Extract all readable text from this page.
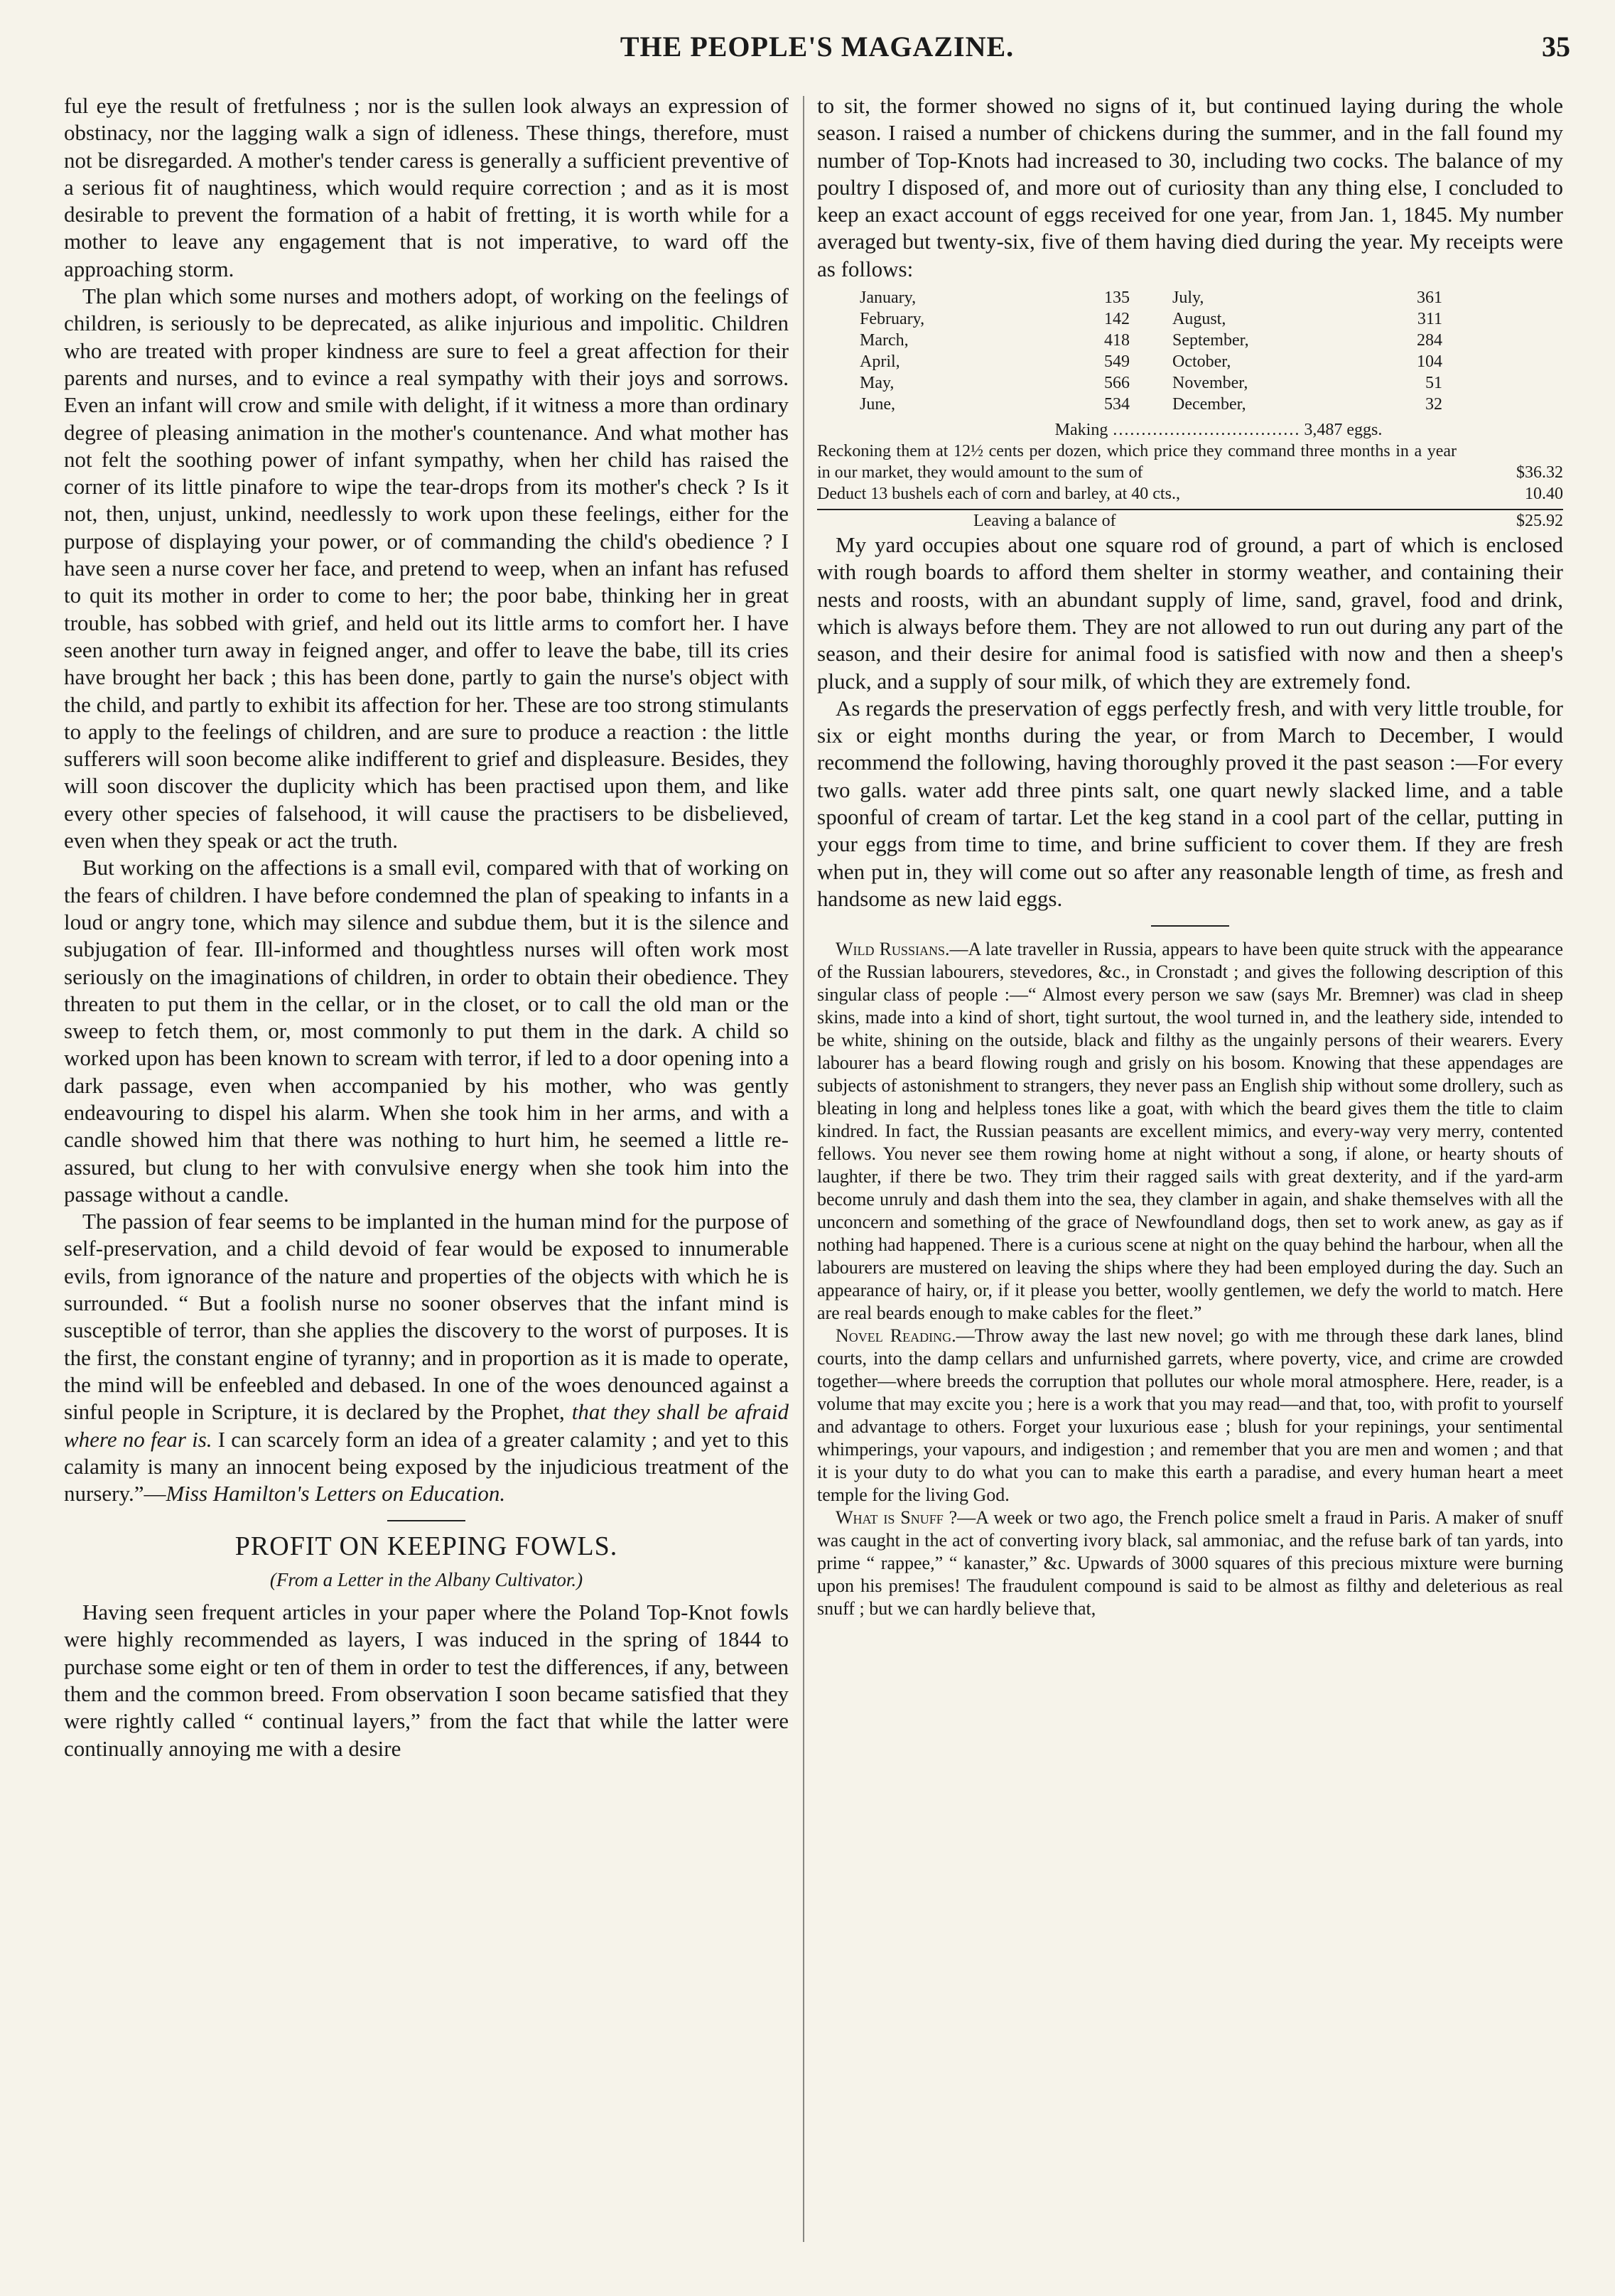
THE PEOPLE'S MAGAZINE.	35

ful eye the result of fretfulness ; nor is the sullen look always an expression of obstinacy, nor the lagging walk a sign of idleness. These things, therefore, must not be disregarded. A mother's tender caress is generally a sufficient preventive of a serious fit of naughtiness, which would require correction ; and as it is most desirable to prevent the formation of a habit of fretting, it is worth while for a mother to leave any engagement that is not imperative, to ward off the approaching storm.

The plan which some nurses and mothers adopt, of working on the feelings of children, is seriously to be deprecated, as alike injurious and impolitic. Children who are treated with proper kindness are sure to feel a great affection for their parents and nurses, and to evince a real sympathy with their joys and sorrows. Even an infant will crow and smile with delight, if it witness a more than ordinary degree of pleasing animation in the mother's countenance. And what mother has not felt the soothing power of infant sympathy, when her child has raised the corner of its little pinafore to wipe the tear-drops from its mother's check ? Is it not, then, unjust, unkind, needlessly to work upon these feelings, either for the purpose of displaying your power, or of commanding the child's obedience ? I have seen a nurse cover her face, and pretend to weep, when an infant has refused to quit its mother in order to come to her; the poor babe, thinking her in great trouble, has sobbed with grief, and held out its little arms to comfort her. I have seen another turn away in feigned anger, and offer to leave the babe, till its cries have brought her back ; this has been done, partly to gain the nurse's object with the child, and partly to exhibit its affection for her. These are too strong stimulants to apply to the feelings of children, and are sure to produce a reaction : the little sufferers will soon become alike indifferent to grief and displeasure. Besides, they will soon discover the duplicity which has been practised upon them, and like every other species of falsehood, it will cause the practisers to be disbelieved, even when they speak or act the truth.

But working on the affections is a small evil, compared with that of working on the fears of children. I have before condemned the plan of speaking to infants in a loud or angry tone, which may silence and subdue them, but it is the silence and subjugation of fear. Ill-informed and thoughtless nurses will often work most seriously on the imaginations of children, in order to obtain their obedience. They threaten to put them in the cellar, or in the closet, or to call the old man or the sweep to fetch them, or, most commonly to put them in the dark. A child so worked upon has been known to scream with terror, if led to a door opening into a dark passage, even when accompanied by his mother, who was gently endeavouring to dispel his alarm. When she took him in her arms, and with a candle showed him that there was nothing to hurt him, he seemed a little re-assured, but clung to her with convulsive energy when she took him into the passage without a candle.

The passion of fear seems to be implanted in the human mind for the purpose of self-preservation, and a child devoid of fear would be exposed to innumerable evils, from ignorance of the nature and properties of the objects with which he is surrounded. “ But a foolish nurse no sooner observes that the infant mind is susceptible of terror, than she applies the discovery to the worst of purposes. It is the first, the constant engine of tyranny; and in proportion as it is made to operate, the mind will be enfeebled and debased. In one of the woes denounced against a sinful people in Scripture, it is declared by the Prophet, that they shall be afraid where no fear is. I can scarcely form an idea of a greater calamity ; and yet to this calamity is many an innocent being exposed by the injudicious treatment of the nursery.”—Miss Hamilton's Letters on Education.

PROFIT ON KEEPING FOWLS.
(From a Letter in the Albany Cultivator.)

Having seen frequent articles in your paper where the Poland Top-Knot fowls were highly recommended as layers, I was induced in the spring of 1844 to purchase some eight or ten of them in order to test the differences, if any, between them and the common breed. From observation I soon became satisfied that they were rightly called “ continual layers,” from the fact that while the latter were continually annoying me with a desire

to sit, the former showed no signs of it, but continued laying during the whole season. I raised a number of chickens during the summer, and in the fall found my number of Top-Knots had increased to 30, including two cocks. The balance of my poultry I disposed of, and more out of curiosity than any thing else, I concluded to keep an exact account of eggs received for one year, from Jan. 1, 1845. My number averaged but twenty-six, five of them having died during the year. My receipts were as follows:

January,	135	July,	361
February,	142	August,	311
March,	418	September,	284
April,	549	October,	104
May,	566	November,	51
June,	534	December,	32
Making …………………………… 3,487 eggs.
Reckoning them at 12½ cents per dozen, which price they command three months in a year in our market, they would amount to the sum of	$36.32
Deduct 13 bushels each of corn and barley, at 40 cts.,	10.40
Leaving a balance of	$25.92

My yard occupies about one square rod of ground, a part of which is enclosed with rough boards to afford them shelter in stormy weather, and containing their nests and roosts, with an abundant supply of lime, sand, gravel, food and drink, which is always before them. They are not allowed to run out during any part of the season, and their desire for animal food is satisfied with now and then a sheep's pluck, and a supply of sour milk, of which they are extremely fond.

As regards the preservation of eggs perfectly fresh, and with very little trouble, for six or eight months during the year, or from March to December, I would recommend the following, having thoroughly proved it the past season :—For every two galls. water add three pints salt, one quart newly slacked lime, and a table spoonful of cream of tartar. Let the keg stand in a cool part of the cellar, putting in your eggs from time to time, and brine sufficient to cover them. If they are fresh when put in, they will come out so after any reasonable length of time, as fresh and handsome as new laid eggs.

Wild Russians.—A late traveller in Russia, appears to have been quite struck with the appearance of the Russian labourers, stevedores, &c., in Cronstadt ; and gives the following description of this singular class of people :—“ Almost every person we saw (says Mr. Bremner) was clad in sheep skins, made into a kind of short, tight surtout, the wool turned in, and the leathery side, intended to be white, shining on the outside, black and filthy as the ungainly persons of their wearers. Every labourer has a beard flowing rough and grisly on his bosom. Knowing that these appendages are subjects of astonishment to strangers, they never pass an English ship without some drollery, such as bleating in long and helpless tones like a goat, with which the beard gives them the title to claim kindred. In fact, the Russian peasants are excellent mimics, and every-way very merry, contented fellows. You never see them rowing home at night without a song, if alone, or hearty shouts of laughter, if there be two. They trim their ragged sails with great dexterity, and if the yard-arm become unruly and dash them into the sea, they clamber in again, and shake themselves with all the unconcern and something of the grace of Newfoundland dogs, then set to work anew, as gay as if nothing had happened. There is a curious scene at night on the quay behind the harbour, when all the labourers are mustered on leaving the ships where they had been employed during the day. Such an appearance of hairy, or, if it please you better, woolly gentlemen, we defy the world to match. Here are real beards enough to make cables for the fleet.”

Novel Reading.—Throw away the last new novel; go with me through these dark lanes, blind courts, into the damp cellars and unfurnished garrets, where poverty, vice, and crime are crowded together—where breeds the corruption that pollutes our whole moral atmosphere. Here, reader, is a volume that may excite you ; here is a work that you may read—and that, too, with profit to yourself and advantage to others. Forget your luxurious ease ; blush for your repinings, your sentimental whimperings, your vapours, and indigestion ; and remember that you are men and women ; and that it is your duty to do what you can to make this earth a paradise, and every human heart a meet temple for the living God.

What is Snuff ?—A week or two ago, the French police smelt a fraud in Paris. A maker of snuff was caught in the act of converting ivory black, sal ammoniac, and the refuse bark of tan yards, into prime “ rappee,” “ kanaster,” &c. Upwards of 3000 squares of this precious mixture were burning upon his premises! The fraudulent compound is said to be almost as filthy and deleterious as real snuff ; but we can hardly believe that,
